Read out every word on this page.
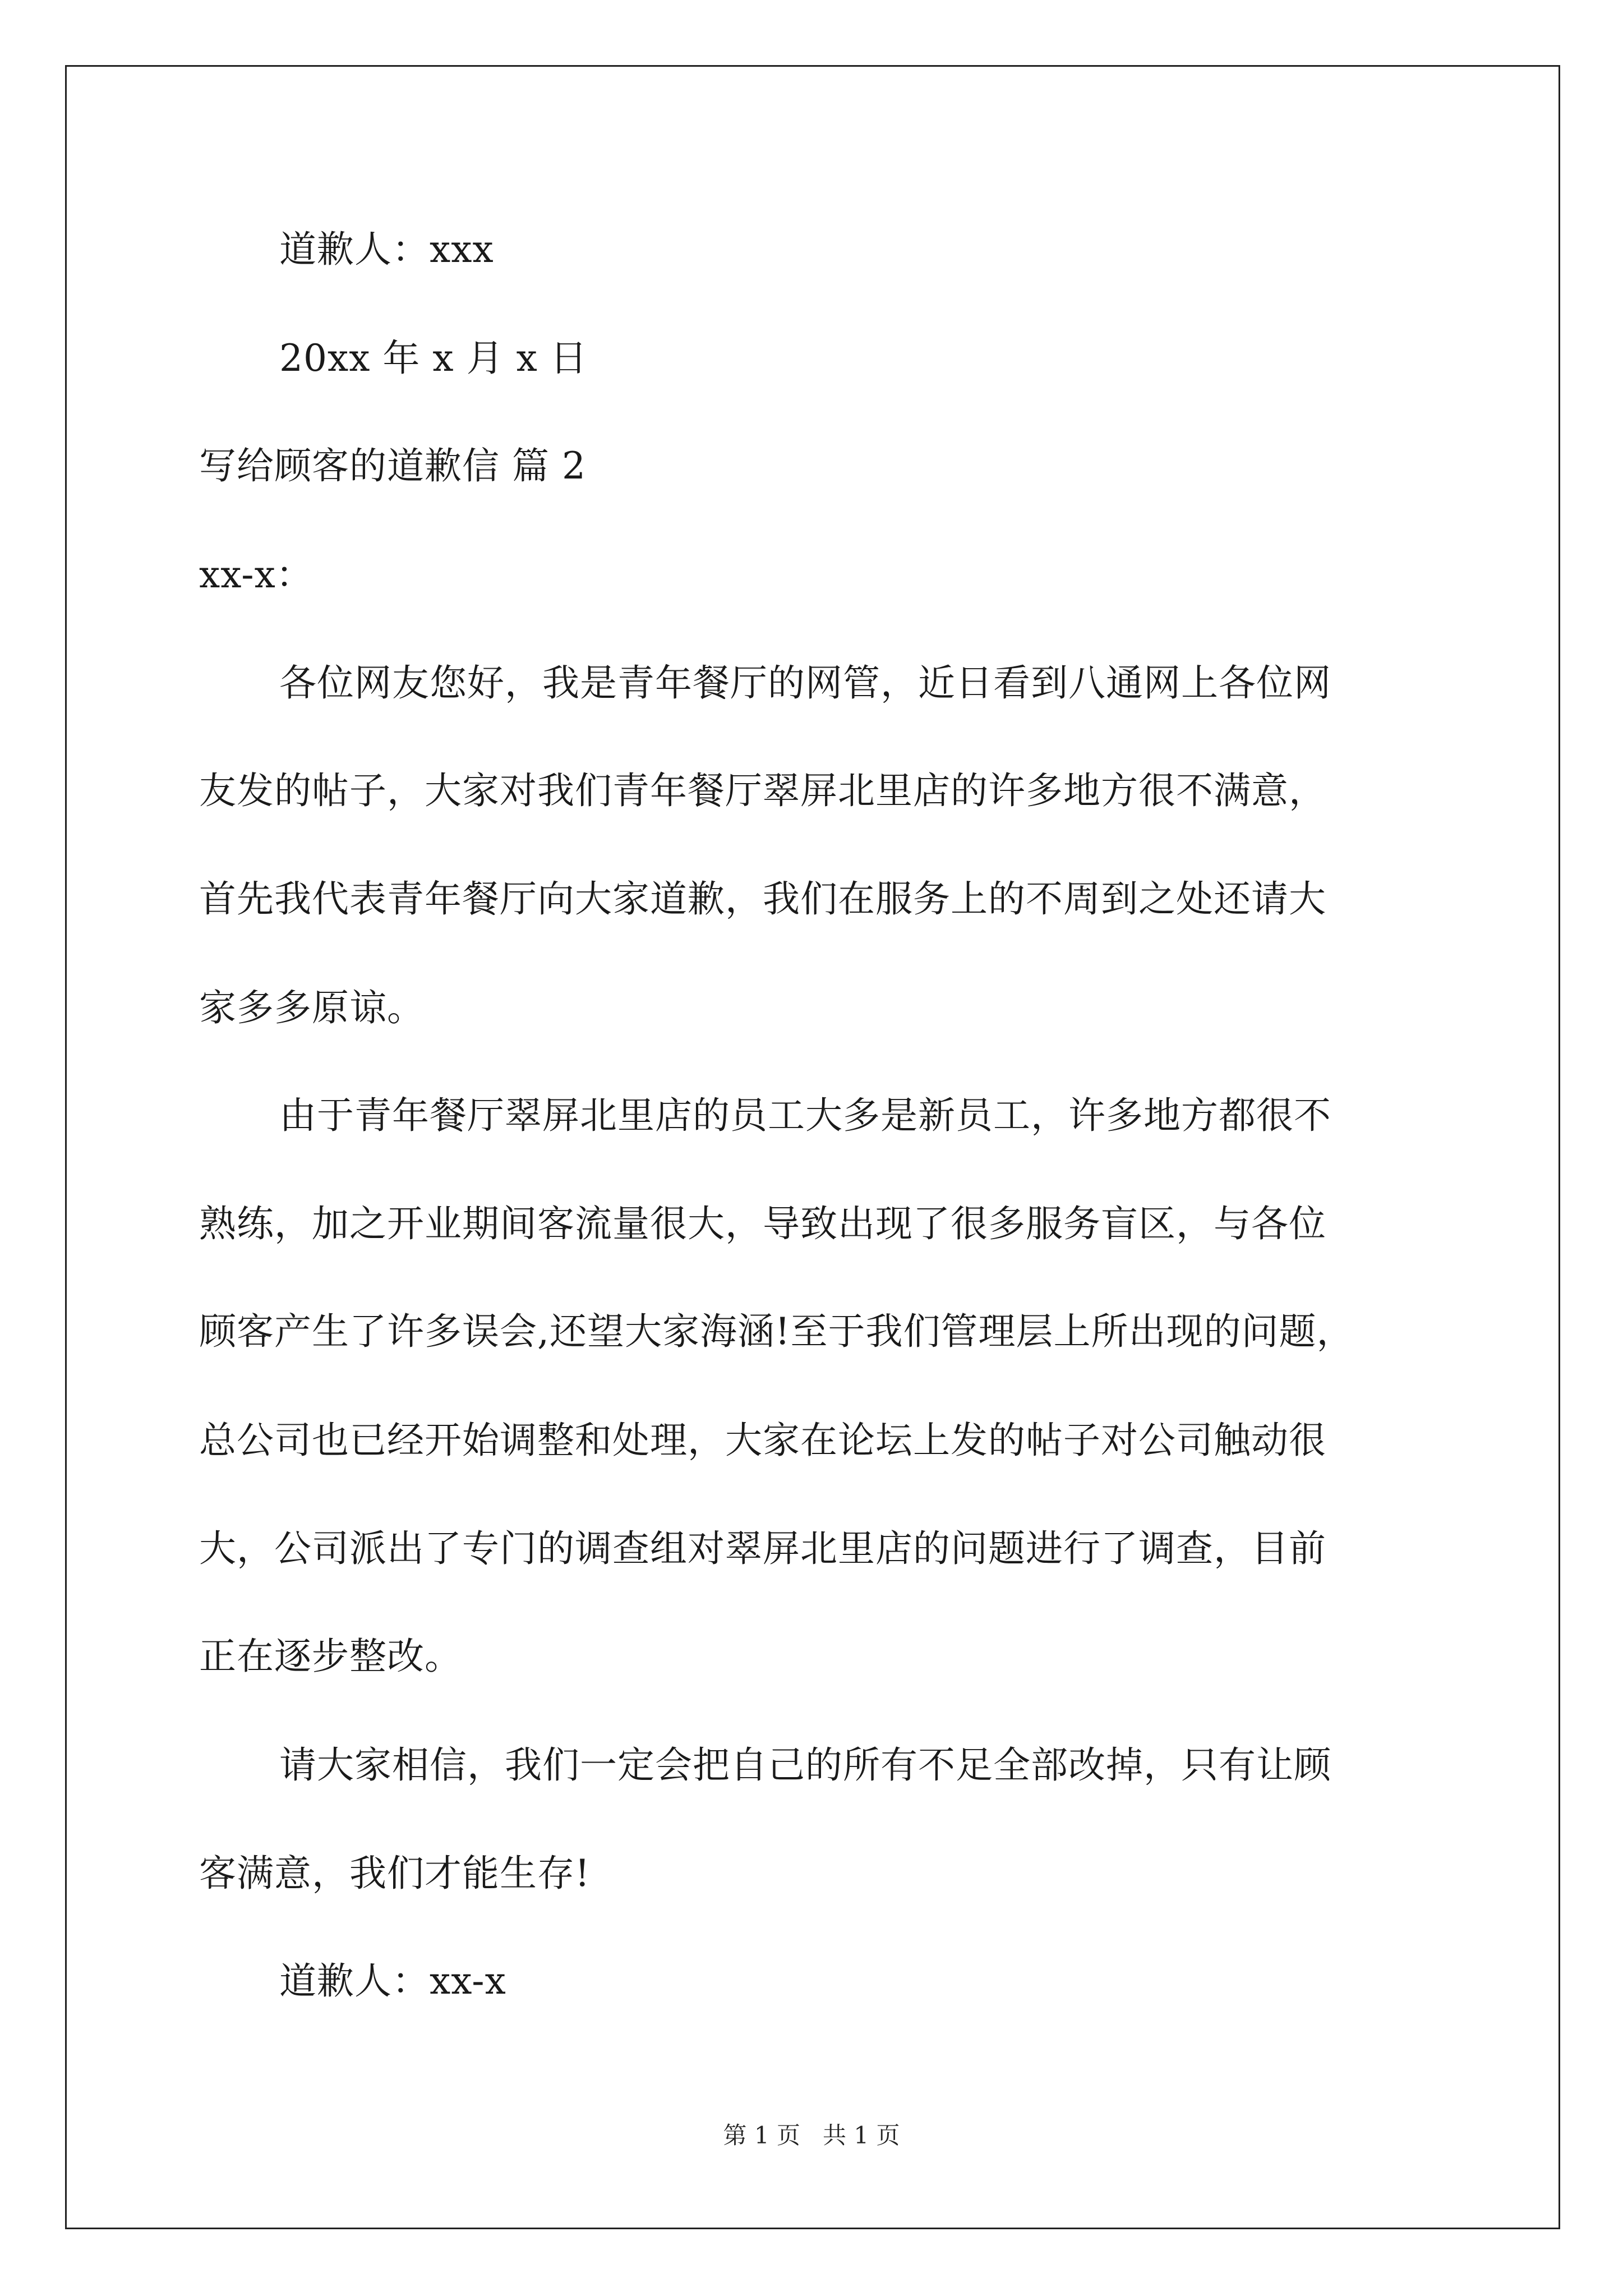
道歉人：xxx
20xx 年 x 月 x 日
写给顾客的道歉信 篇 2
xx-x：
各位网友您好，我是青年餐厅的网管，近日看到八通网上各位网
友发的帖子，大家对我们青年餐厅翠屏北里店的许多地方很不满意，
首先我代表青年餐厅向大家道歉，我们在服务上的不周到之处还请大
家多多原谅。
由于青年餐厅翠屏北里店的员工大多是新员工，许多地方都很不
熟练，加之开业期间客流量很大，导致出现了很多服务盲区，与各位
顾客产生了许多误会,还望大家海涵!至于我们管理层上所出现的问题，
总公司也已经开始调整和处理，大家在论坛上发的帖子对公司触动很
大，公司派出了专门的调查组对翠屏北里店的问题进行了调查，目前
正在逐步整改。
请大家相信，我们一定会把自己的所有不足全部改掉，只有让顾
客满意，我们才能生存!
道歉人：xx-x
第 1 页   共 1 页
